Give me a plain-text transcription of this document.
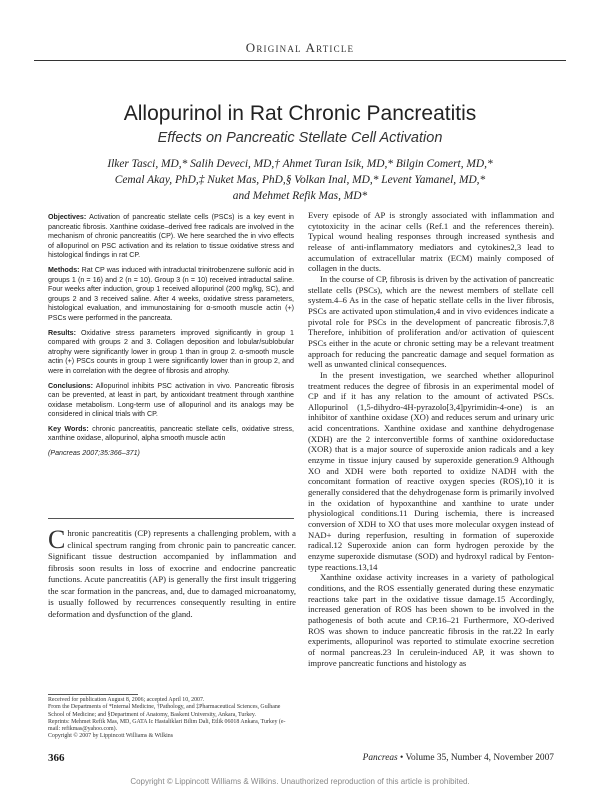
Original Article
Allopurinol in Rat Chronic Pancreatitis
Effects on Pancreatic Stellate Cell Activation
Ilker Tasci, MD,* Salih Deveci, MD,† Ahmet Turan Isik, MD,* Bilgin Comert, MD,*
Cemal Akay, PhD,‡ Nuket Mas, PhD,§ Volkan Inal, MD,* Levent Yamanel, MD,*
and Mehmet Refik Mas, MD*

Objectives: Activation of pancreatic stellate cells (PSCs) is a key event in pancreatic fibrosis. Xanthine oxidase–derived free radicals are involved in the mechanism of chronic pancreatitis (CP). We here searched the in vivo effects of allopurinol on PSC activation and its relation to tissue oxidative stress and histological findings in rat CP.

Methods: Rat CP was induced with intraductal trinitrobenzene sulfonic acid in groups 1 (n = 16) and 2 (n = 10). Group 3 (n = 10) received intraductal saline. Four weeks after induction, group 1 received allopurinol (200 mg/kg, SC), and groups 2 and 3 received saline. After 4 weeks, oxidative stress parameters, histological evaluation, and immunostaining for α-smooth muscle actin (+) PSCs were performed in the pancreata.

Results: Oxidative stress parameters improved significantly in group 1 compared with groups 2 and 3. Collagen deposition and lobular/sublobular atrophy were significantly lower in group 1 than in group 2. α-smooth muscle actin (+) PSCs counts in group 1 were significantly lower than in group 2, and were in correlation with the degree of fibrosis and atrophy.

Conclusions: Allopurinol inhibits PSC activation in vivo. Pancreatic fibrosis can be prevented, at least in part, by antioxidant treatment through xanthine oxidase metabolism. Long-term use of allopurinol and its analogs may be considered in clinical trials with CP.

Key Words: chronic pancreatitis, pancreatic stellate cells, oxidative stress, xanthine oxidase, allopurinol, alpha smooth muscle actin

(Pancreas 2007;35:366–371)

Chronic pancreatitis (CP) represents a challenging problem, with a clinical spectrum ranging from chronic pain to pancreatic cancer. Significant tissue destruction accompanied by inflammation and fibrosis soon results in loss of exocrine and endocrine pancreatic functions. Acute pancreatitis (AP) is generally the first insult triggering the scar formation in the pancreas, and, due to damaged microanatomy, is usually followed by recurrences consequently resulting in entire deformation and dysfunction of the gland.
Received for publication August 8, 2006; accepted April 10, 2007.
From the Departments of *Internal Medicine, †Pathology, and ‡Pharmaceutical Sciences, Gulhane School of Medicine; and §Department of Anatomy, Baskent University, Ankara, Turkey.
Reprints: Mehmet Refik Mas, MD, GATA Ic Hastaliklari Bilim Dali, Etlik 06018 Ankara, Turkey (e-mail: refikmas@yahoo.com).
Copyright © 2007 by Lippincott Williams & Wilkins

Every episode of AP is strongly associated with inflammation and cytotoxicity in the acinar cells (Ref.1 and the references therein). Typical wound healing responses through increased synthesis and release of anti-inflammatory mediators and cytokines2,3 lead to accumulation of extracellular matrix (ECM) mainly composed of collagen in the ducts.

In the course of CP, fibrosis is driven by the activation of pancreatic stellate cells (PSCs), which are the newest members of stellate cell system.4–6 As in the case of hepatic stellate cells in the liver fibrosis, PSCs are activated upon stimulation,4 and in vivo evidences indicate a pivotal role for PSCs in the development of pancreatic fibrosis.7,8 Therefore, inhibition of proliferation and/or activation of quiescent PSCs either in the acute or chronic setting may be a relevant treatment approach for reducing the pancreatic damage and sequel formation as well as unwanted clinical consequences.

In the present investigation, we searched whether allopurinol treatment reduces the degree of fibrosis in an experimental model of CP and if it has any relation to the amount of activated PSCs. Allopurinol (1,5-dihydro-4H-pyrazolo[3,4]pyrimidin-4-one) is an inhibitor of xanthine oxidase (XO) and reduces serum and urinary uric acid concentrations. Xanthine oxidase and xanthine dehydrogenase (XDH) are the 2 interconvertible forms of xanthine oxidoreductase (XOR) that is a major source of superoxide anion radicals and a key enzyme in tissue injury caused by superoxide generation.9 Although XO and XDH were both reported to oxidize NADH with the concomitant formation of reactive oxygen species (ROS),10 it is generally considered that the dehydrogenase form is primarily involved in the oxidation of hypoxanthine and xanthine to urate under physiological conditions.11 During ischemia, there is increased conversion of XDH to XO that uses more molecular oxygen instead of NAD+ during reperfusion, resulting in formation of superoxide radical.12 Superoxide anion can form hydrogen peroxide by the enzyme superoxide dismutase (SOD) and hydroxyl radical by Fenton-type reactions.13,14

Xanthine oxidase activity increases in a variety of pathological conditions, and the ROS essentially generated during these enzymatic reactions take part in the oxidative tissue damage.15 Accordingly, increased generation of ROS has been shown to be involved in the pathogenesis of both acute and CP.16–21 Furthermore, XO-derived ROS was shown to induce pancreatic fibrosis in the rat.22 In early experiments, allopurinol was reported to stimulate exocrine secretion of normal pancreas.23 In cerulein-induced AP, it was shown to improve pancreatic functions and histology as

366	Pancreas • Volume 35, Number 4, November 2007
Copyright © Lippincott Williams & Wilkins. Unauthorized reproduction of this article is prohibited.
